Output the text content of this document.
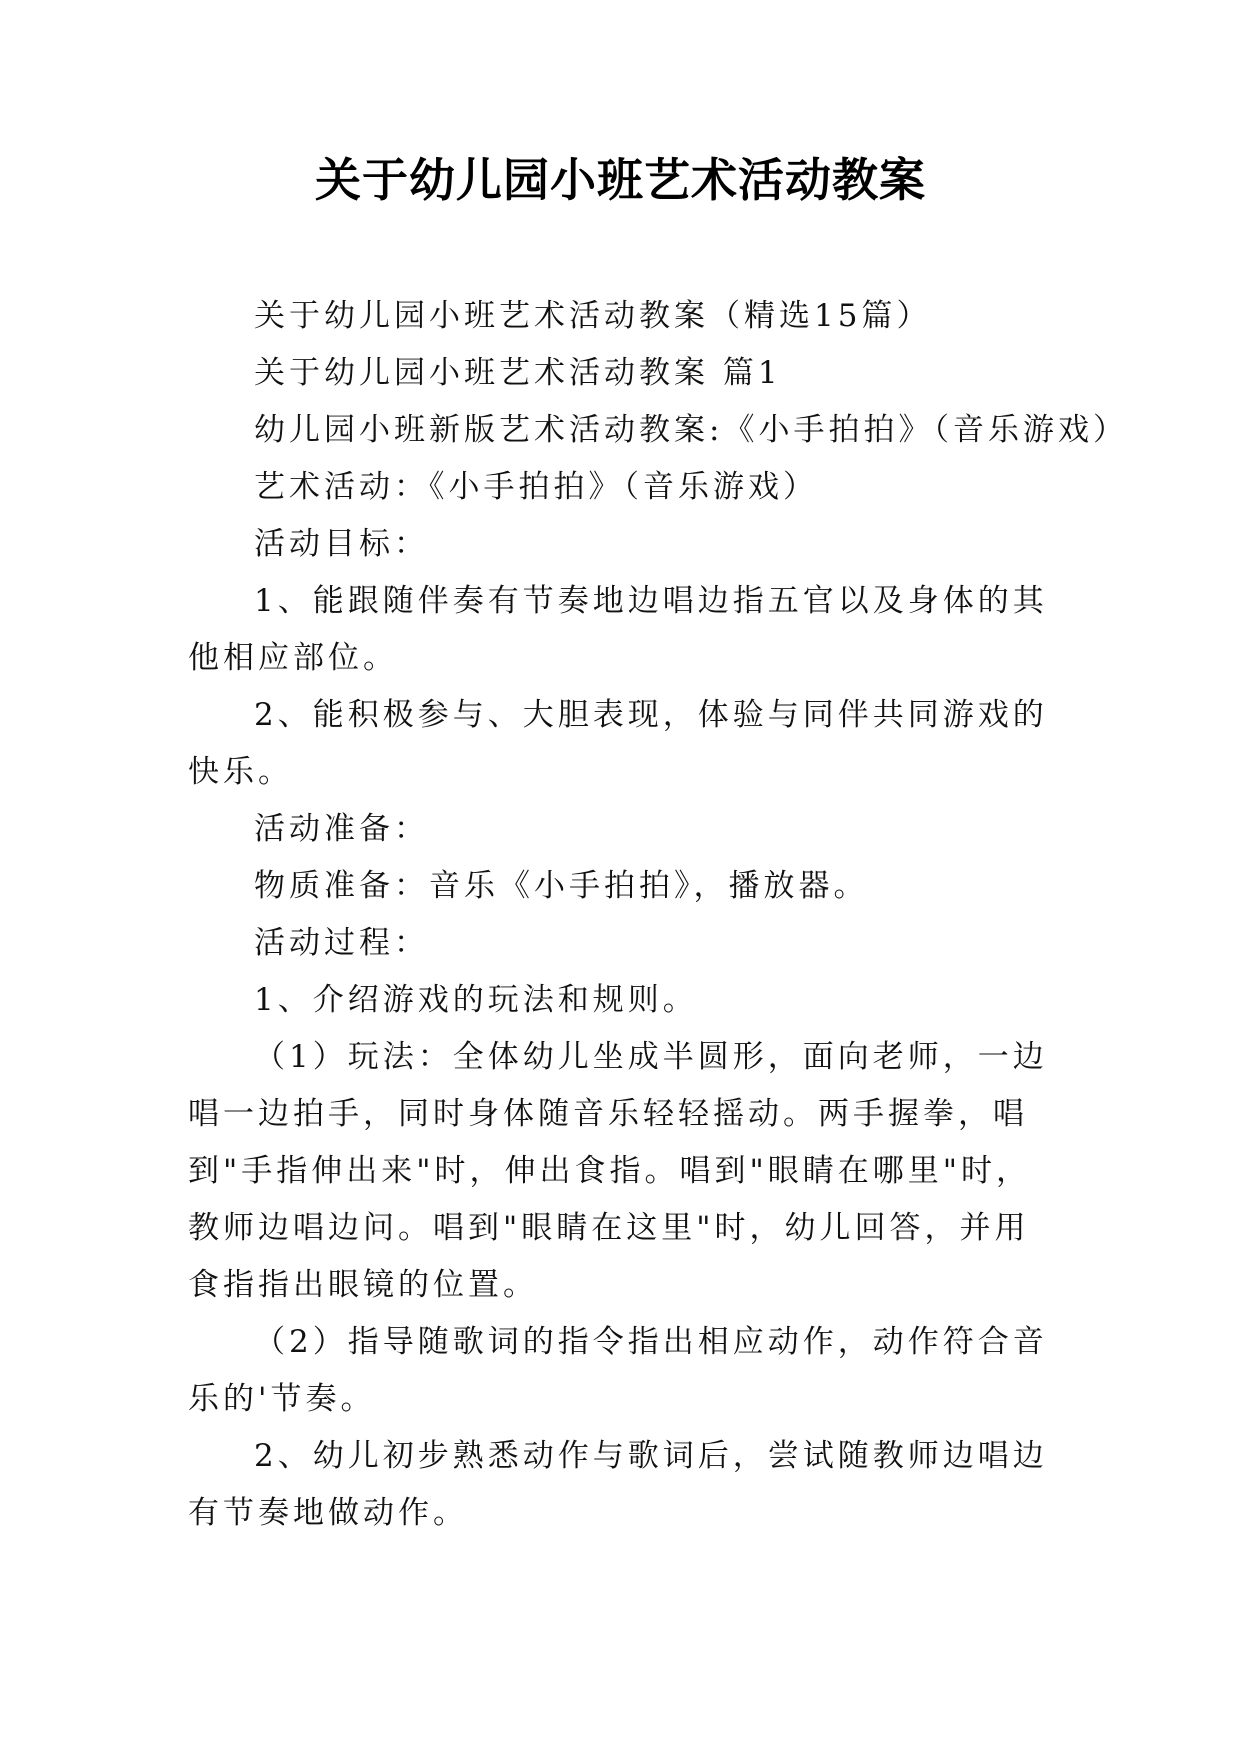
关于幼儿园小班艺术活动教案

关于幼儿园小班艺术活动教案（精选15篇）

关于幼儿园小班艺术活动教案 篇1

幼儿园小班新版艺术活动教案:《小手拍拍》（音乐游戏）

艺术活动：《小手拍拍》（音乐游戏）

活动目标：

1、能跟随伴奏有节奏地边唱边指五官以及身体的其他相应部位。

2、能积极参与、大胆表现，体验与同伴共同游戏的快乐。

活动准备：

物质准备：音乐《小手拍拍》，播放器。

活动过程：

1、介绍游戏的玩法和规则。

（1）玩法：全体幼儿坐成半圆形，面向老师，一边唱一边拍手，同时身体随音乐轻轻摇动。两手握拳，唱到"手指伸出来"时，伸出食指。唱到"眼睛在哪里"时，教师边唱边问。唱到"眼睛在这里"时，幼儿回答，并用食指指出眼镜的位置。

（2）指导随歌词的指令指出相应动作，动作符合音乐的'节奏。

2、幼儿初步熟悉动作与歌词后，尝试随教师边唱边有节奏地做动作。
